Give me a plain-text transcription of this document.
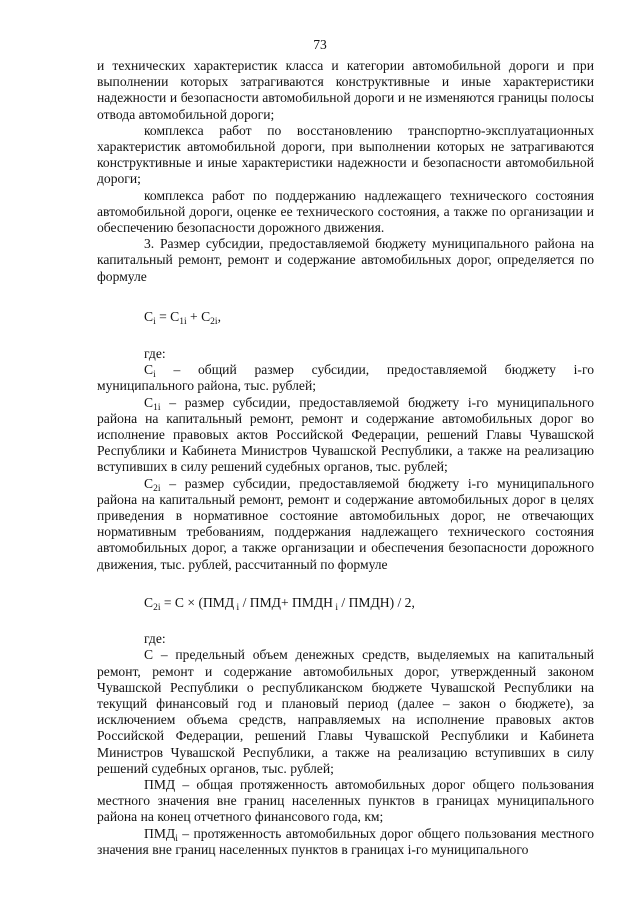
73

и технических характеристик класса и категории автомобильной дороги и при выполнении которых затрагиваются конструктивные и иные характеристики надежности и безопасности автомобильной дороги и не изменяются границы полосы отвода автомобильной дороги;

комплекса работ по восстановлению транспортно-эксплуатационных характеристик автомобильной дороги, при выполнении которых не затрагиваются конструктивные и иные характеристики надежности и безопасности автомобильной дороги;

комплекса работ по поддержанию надлежащего технического состояния автомобильной дороги, оценке ее технического состояния, а также по организации и обеспечению безопасности дорожного движения.

3. Размер субсидии, предоставляемой бюджету муниципального района на капитальный ремонт, ремонт и содержание автомобильных дорог, определяется по формуле

$C_i = C_{1i} + C_{2i}$,

где:

$C_i$ – общий размер субсидии, предоставляемой бюджету i-го муниципального района, тыс. рублей;

$C_{1i}$ – размер субсидии, предоставляемой бюджету i-го муниципального района на капитальный ремонт, ремонт и содержание автомобильных дорог во исполнение правовых актов Российской Федерации, решений Главы Чувашской Республики и Кабинета Министров Чувашской Республики, а также на реализацию вступивших в силу решений судебных органов, тыс. рублей;

$C_{2i}$ – размер субсидии, предоставляемой бюджету i-го муниципального района на капитальный ремонт, ремонт и содержание автомобильных дорог в целях приведения в нормативное состояние автомобильных дорог, не отвечающих нормативным требованиям, поддержания надлежащего технического состояния автомобильных дорог, а также организации и обеспечения безопасности дорожного движения, тыс. рублей, рассчитанный по формуле

$C_{2i} = C \times (ПМД$ $_i$ / ПМД+ ПМДН $_i$ / ПМДН) / 2,

где:

С – предельный объем денежных средств, выделяемых на капитальный ремонт, ремонт и содержание автомобильных дорог, утвержденный законом Чувашской Республики о республиканском бюджете Чувашской Республики на текущий финансовый год и плановый период (далее – закон о бюджете), за исключением объема средств, направляемых на исполнение правовых актов Российской Федерации, решений Главы Чувашской Республики и Кабинета Министров Чувашской Республики, а также на реализацию вступивших в силу решений судебных органов, тыс. рублей;

ПМД – общая протяженность автомобильных дорог общего пользования местного значения вне границ населенных пунктов в границах муниципального района на конец отчетного финансового года, км;

$ПМД_i$ – протяженность автомобильных дорог общего пользования местного значения вне границ населенных пунктов в границах i-го муниципального
